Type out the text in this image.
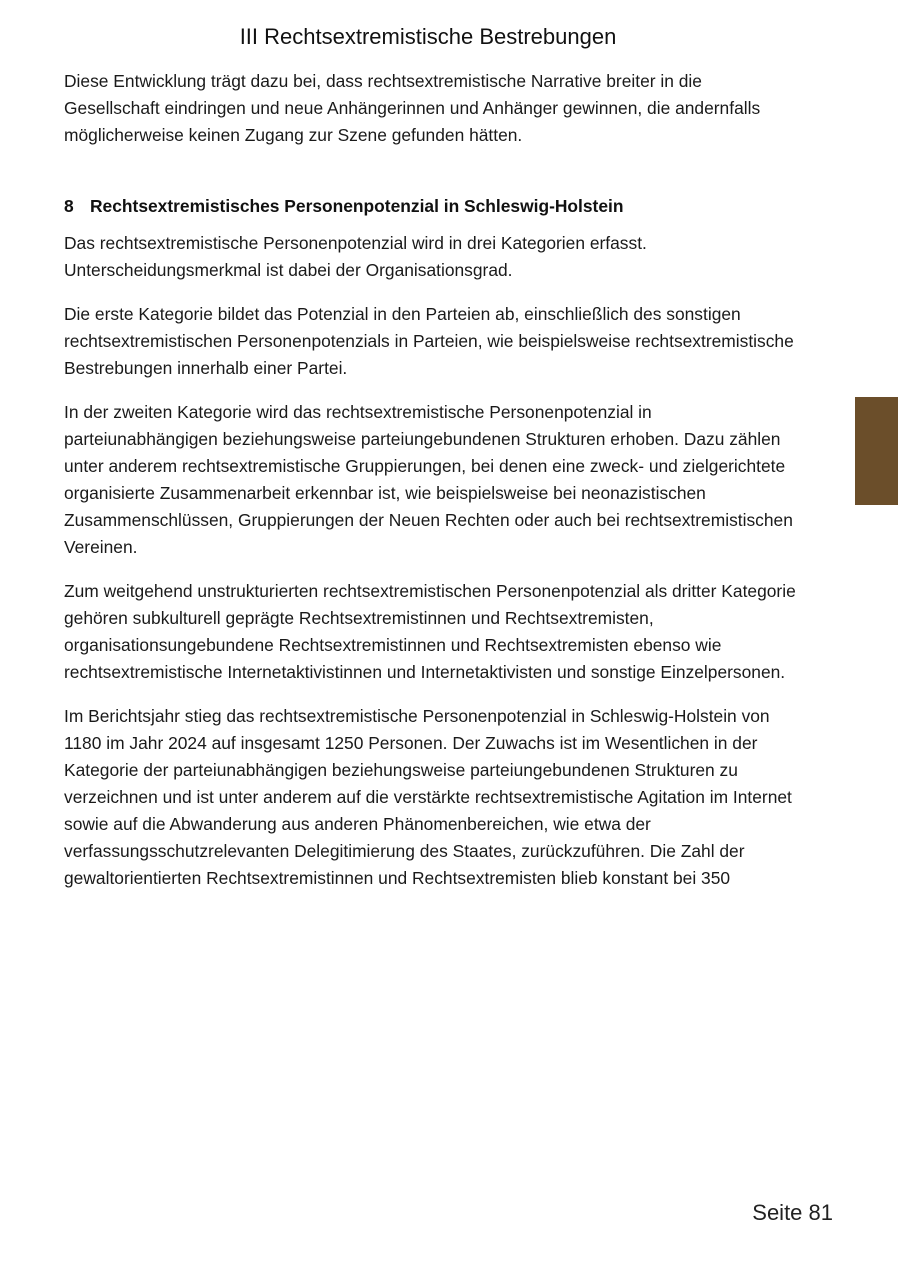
III Rechtsextremistische Bestrebungen

Diese Entwicklung trägt dazu bei, dass rechtsextremistische Narrative breiter in die Gesellschaft eindringen und neue Anhängerinnen und Anhänger gewinnen, die andernfalls möglicherweise keinen Zugang zur Szene gefunden hätten.

8 Rechtsextremistisches Personenpotenzial in Schleswig-Holstein

Das rechtsextremistische Personenpotenzial wird in drei Kategorien erfasst. Unterscheidungsmerkmal ist dabei der Organisationsgrad.

Die erste Kategorie bildet das Potenzial in den Parteien ab, einschließlich des sonstigen rechtsextremistischen Personenpotenzials in Parteien, wie beispielsweise rechtsextremistische Bestrebungen innerhalb einer Partei.

In der zweiten Kategorie wird das rechtsextremistische Personenpotenzial in parteiunabhängigen beziehungsweise parteiungebundenen Strukturen erhoben. Dazu zählen unter anderem rechtsextremistische Gruppierungen, bei denen eine zweck- und zielgerichtete organisierte Zusammenarbeit erkennbar ist, wie beispielsweise bei neonazistischen Zusammenschlüssen, Gruppierungen der Neuen Rechten oder auch bei rechtsextremistischen Vereinen.

Zum weitgehend unstrukturierten rechtsextremistischen Personenpotenzial als dritter Kategorie gehören subkulturell geprägte Rechtsextremistinnen und Rechtsextremisten, organisationsungebundene Rechtsextremistinnen und Rechtsextremisten ebenso wie rechtsextremistische Internetaktivistinnen und Internetaktivisten und sonstige Einzelpersonen.

Im Berichtsjahr stieg das rechtsextremistische Personenpotenzial in Schleswig-Holstein von 1180 im Jahr 2024 auf insgesamt 1250 Personen. Der Zuwachs ist im Wesentlichen in der Kategorie der parteiunabhängigen beziehungsweise parteiungebundenen Strukturen zu verzeichnen und ist unter anderem auf die verstärkte rechtsextremistische Agitation im Internet sowie auf die Abwanderung aus anderen Phänomenbereichen, wie etwa der verfassungsschutzrelevanten Delegitimierung des Staates, zurückzuführen. Die Zahl der gewaltorientierten Rechtsextremistinnen und Rechtsextremisten blieb konstant bei 350

Seite 81
